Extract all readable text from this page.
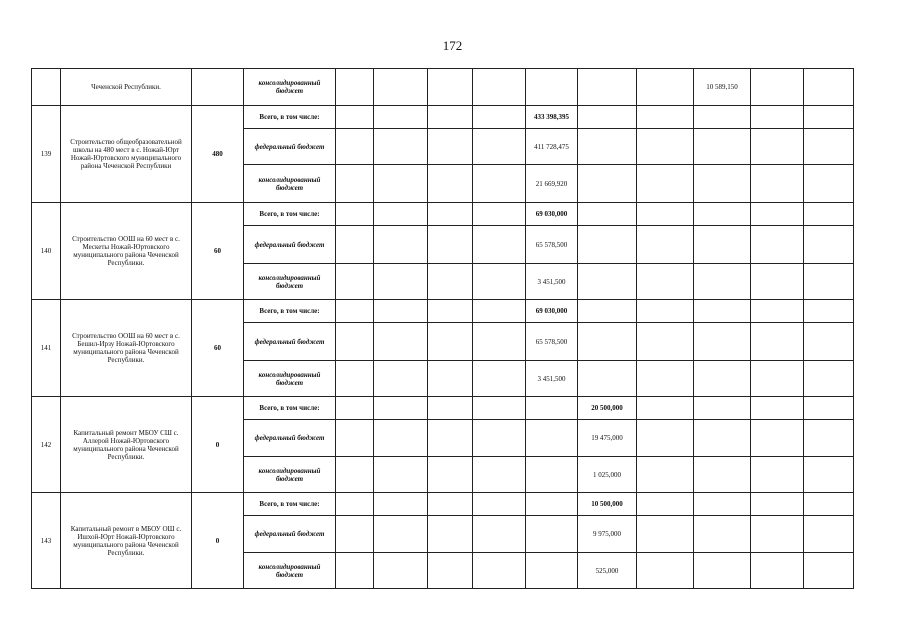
172
	Чеченской Республики.		консолидированный бюджет								10 589,150		
139	Строительство общеобразовательной школы на 480 мест в с. Ножай-Юрт Ножай-Юртовского муниципального района Чеченской Республики	480	Всего, в том числе:					433 398,395					
			федеральный бюджет					411 728,475					
			консолидированный бюджет					21 669,920					
140	Строительство ООШ на 60 мест в с. Мескеты Ножай-Юртовского муниципального района Чеченской Республики.	60	Всего, в том числе:					69 030,000					
			федеральный бюджет					65 578,500					
			консолидированный бюджет					3 451,500					
141	Строительство ООШ на 60 мест в с. Бешил-Ирзу Ножай-Юртовского муниципального района Чеченской Республики.	60	Всего, в том числе:					69 030,000					
			федеральный бюджет					65 578,500					
			консолидированный бюджет					3 451,500					
142	Капитальный ремонт МБОУ СШ с. Аллерой Ножай-Юртовского муниципального района Чеченской Республики.	0	Всего, в том числе:						20 500,000				
			федеральный бюджет						19 475,000				
			консолидированный бюджет						1 025,000				
143	Капитальный ремонт в МБОУ ОШ с. Ишхой-Юрт Ножай-Юртовского муниципального района Чеченской Республики.	0	Всего, в том числе:						10 500,000				
			федеральный бюджет						9 975,000				
			консолидированный бюджет						525,000				
